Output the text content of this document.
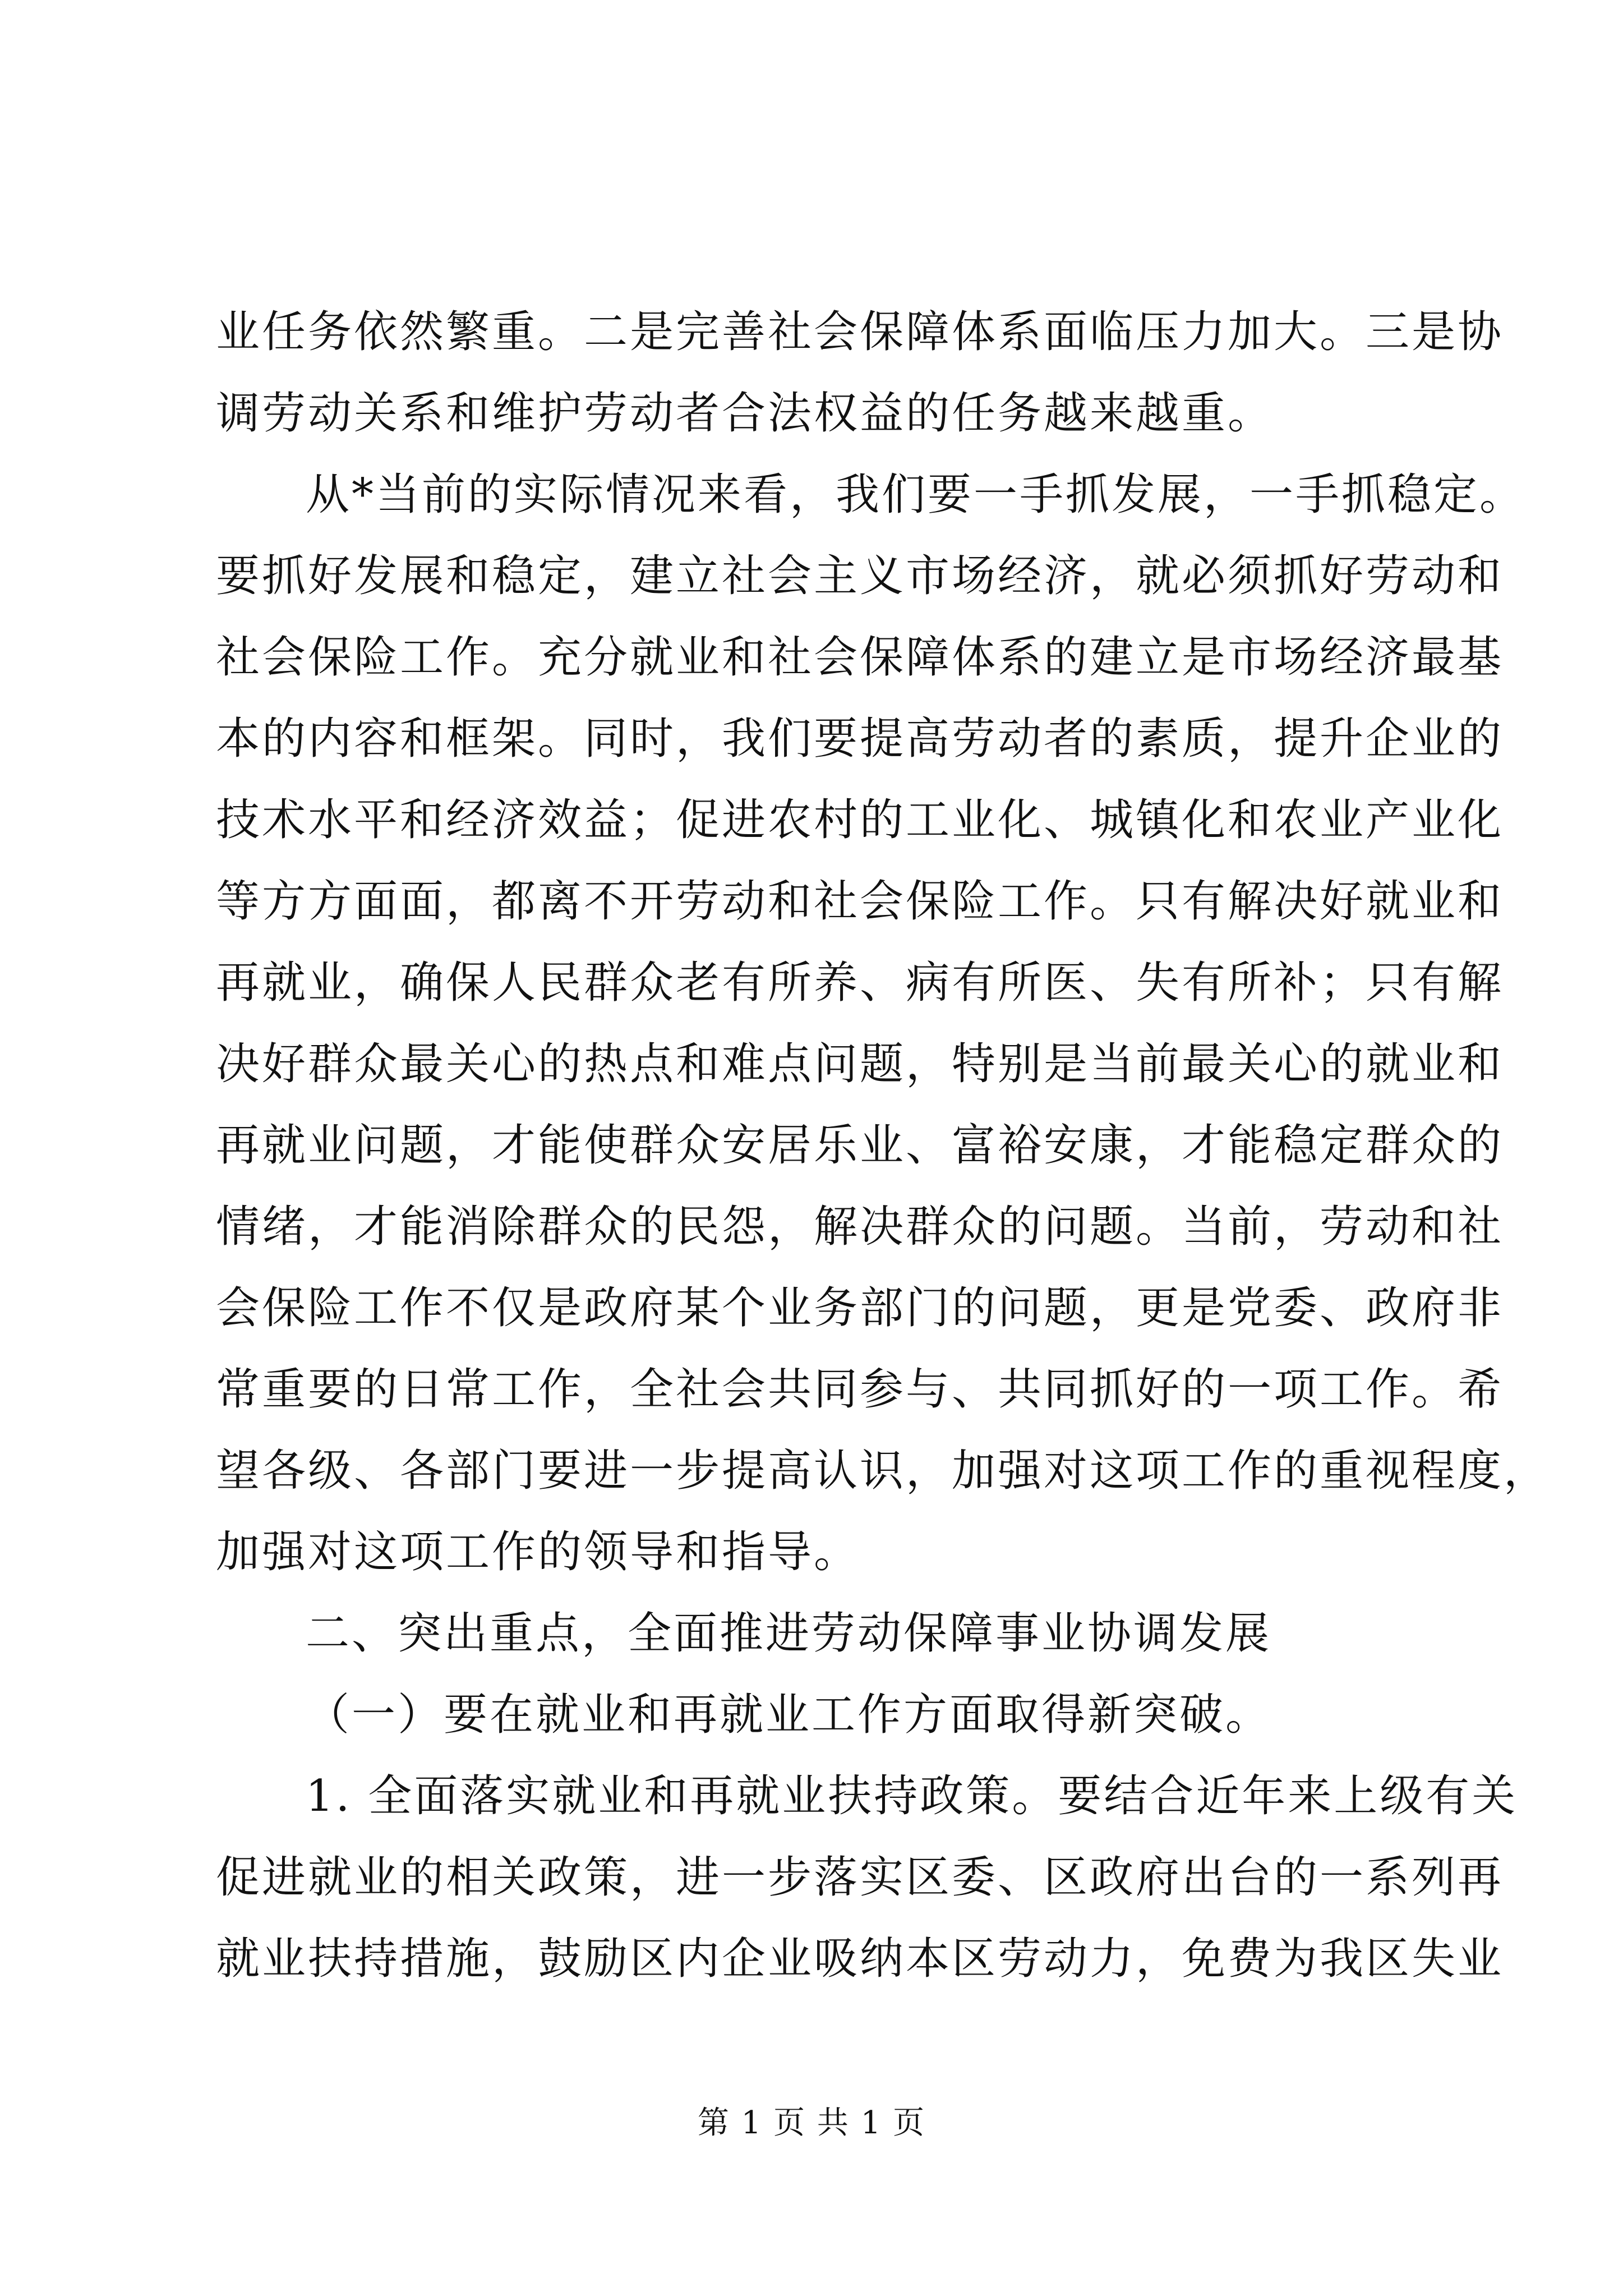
业任务依然繁重。二是完善社会保障体系面临压力加大。三是协
调劳动关系和维护劳动者合法权益的任务越来越重。
从*当前的实际情况来看，我们要一手抓发展，一手抓稳定。
要抓好发展和稳定，建立社会主义市场经济，就必须抓好劳动和
社会保险工作。充分就业和社会保障体系的建立是市场经济最基
本的内容和框架。同时，我们要提高劳动者的素质，提升企业的
技术水平和经济效益；促进农村的工业化、城镇化和农业产业化
等方方面面，都离不开劳动和社会保险工作。只有解决好就业和
再就业，确保人民群众老有所养、病有所医、失有所补；只有解
决好群众最关心的热点和难点问题，特别是当前最关心的就业和
再就业问题，才能使群众安居乐业、富裕安康，才能稳定群众的
情绪，才能消除群众的民怨，解决群众的问题。当前，劳动和社
会保险工作不仅是政府某个业务部门的问题，更是党委、政府非
常重要的日常工作，全社会共同参与、共同抓好的一项工作。希
望各级、各部门要进一步提高认识，加强对这项工作的重视程度，
加强对这项工作的领导和指导。
二、突出重点，全面推进劳动保障事业协调发展
（一）要在就业和再就业工作方面取得新突破。
1. 全面落实就业和再就业扶持政策。要结合近年来上级有关
促进就业的相关政策，进一步落实区委、区政府出台的一系列再
就业扶持措施，鼓励区内企业吸纳本区劳动力，免费为我区失业
第 1 页 共 1 页
